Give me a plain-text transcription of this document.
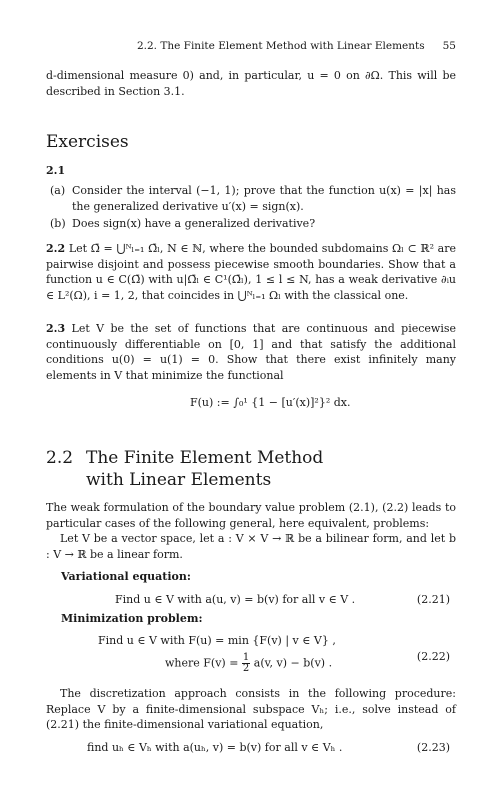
2.2. The Finite Element Method with Linear Elements 55
d-dimensional measure 0) and, in particular, u = 0 on ∂Ω. This will be described in Section 3.1.
Exercises
2.1
(a) Consider the interval (−1, 1); prove that the function u(x) = |x| has the generalized derivative u′(x) = sign(x).
(b) Does sign(x) have a generalized derivative?
2.2 Let Ω̄ = ⋃ᴺₗ₌₁ Ω̄ₗ, N ∈ ℕ, where the bounded subdomains Ωₗ ⊂ ℝ² are pairwise disjoint and possess piecewise smooth boundaries. Show that a function u ∈ C(Ω̄) with u|Ω̄ₗ ∈ C¹(Ω̄ₗ), 1 ≤ l ≤ N, has a weak derivative ∂ᵢu ∈ L²(Ω), i = 1, 2, that coincides in ⋃ᴺₗ₌₁ Ωₗ with the classical one.
2.3 Let V be the set of functions that are continuous and piecewise continuously differentiable on [0, 1] and that satisfy the additional conditions u(0) = u(1) = 0. Show that there exist infinitely many elements in V that minimize the functional
F(u) := ∫₀¹ {1 − [u′(x)]²}² dx.
2.2 The Finite Element Method
with Linear Elements
The weak formulation of the boundary value problem (2.1), (2.2) leads to particular cases of the following general, here equivalent, problems:
Let V be a vector space, let a : V × V → ℝ be a bilinear form, and let b : V → ℝ be a linear form.
Variational equation:
Find u ∈ V with a(u, v) = b(v) for all v ∈ V .	(2.21)
Minimization problem:
Find u ∈ V with F(u) = min {F(v) | v ∈ V} ,
(2.22)
where $F(v) = \frac{1}{2} a(v$, v) − b(v) .
The discretization approach consists in the following procedure: Replace V by a finite-dimensional subspace Vₕ; i.e., solve instead of (2.21) the finite-dimensional variational equation,
find uₕ ∈ Vₕ with a(uₕ, v) = b(v) for all v ∈ Vₕ .	(2.23)
